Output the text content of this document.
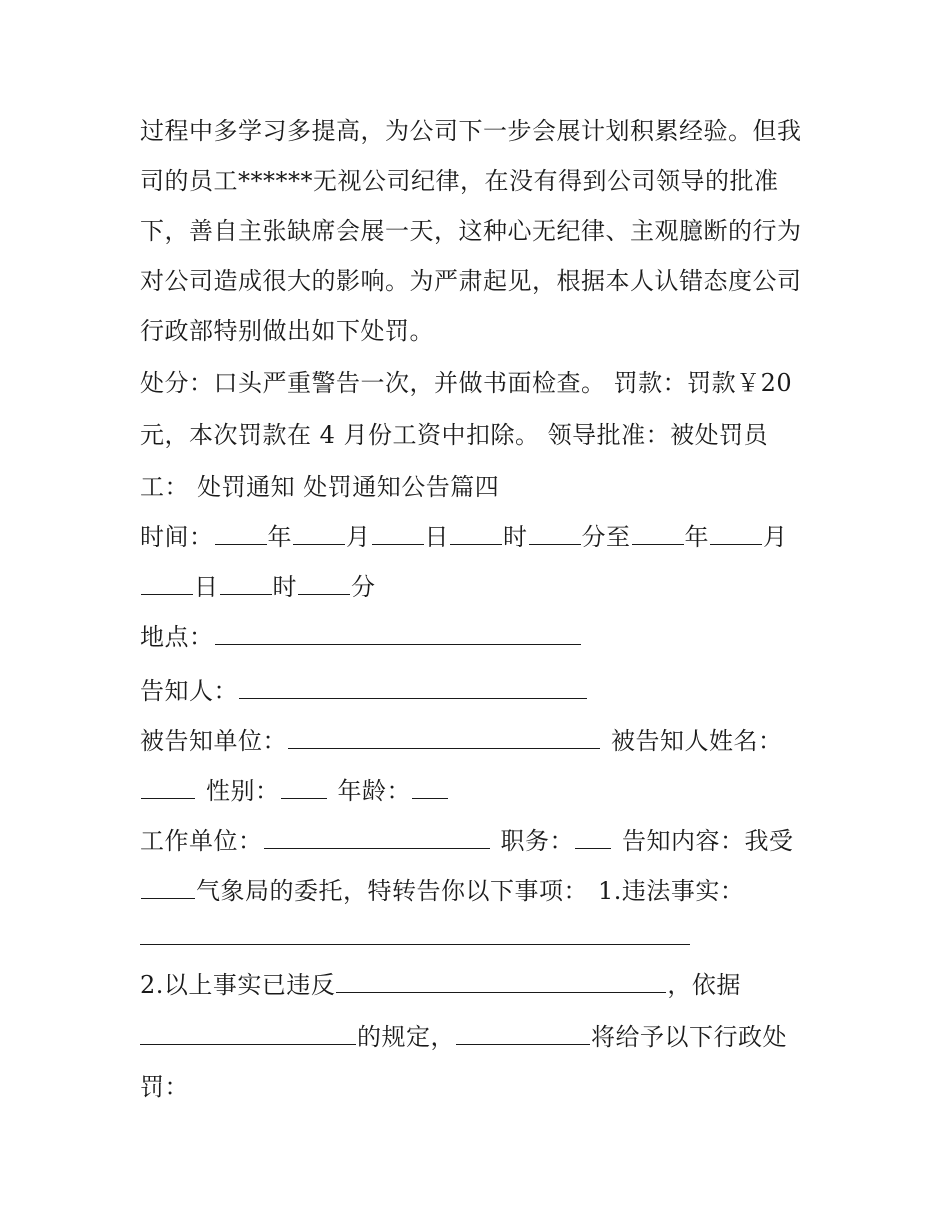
过程中多学习多提高，为公司下一步会展计划积累经验。但我
司的员工******无视公司纪律，在没有得到公司领导的批准
下，善自主张缺席会展一天，这种心无纪律、主观臆断的行为
对公司造成很大的影响。为严肃起见，根据本人认错态度公司
行政部特别做出如下处罚。
处分：口头严重警告一次，并做书面检查。 罚款：罚款￥20
元，本次罚款在 4 月份工资中扣除。 领导批准：被处罚员
工： 处罚通知 处罚通知公告篇四
时间： 年 月 日 时 分至 年 月
日 时 分
地点：
告知人：
被告知单位：	被告知人姓名：
性别： 年龄：
工作单位：	职务： 告知内容：我受
气象局的委托，特转告你以下事项： 1.违法事实：
2.以上事实已违反	，依据
的规定，	将给予以下行政处
罚：
